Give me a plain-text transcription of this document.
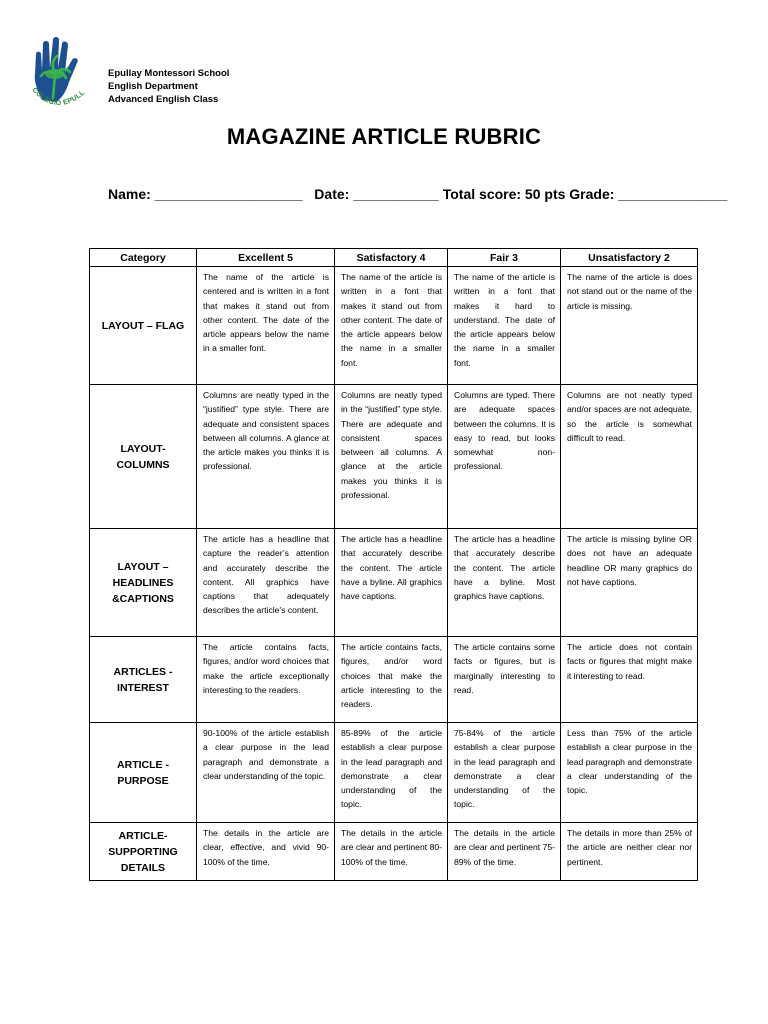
COLEGIO EPULL
Epullay Montessori School
English Department
Advanced English Class
MAGAZINE ARTICLE RUBRIC
Name: ___________________ Date: ___________ Total score: 50 pts Grade: ______________
Category	Excellent 5	Satisfactory 4	Fair 3	Unsatisfactory 2
LAYOUT – FLAG	The name of the article is centered and is written in a font that makes it stand out from other content. The date of the article appears below the name in a smaller font.	The name of the article is written in a font that makes it stand out from other content. The date of the article appears below the name in a smaller font.	The name of the article is written in a font that makes it hard to understand. The date of the article appears below the name in a smaller font.	The name of the article is does not stand out or the name of the article is missing.
LAYOUT- COLUMNS	Columns are neatly typed in the “justified” type style. There are adequate and consistent spaces between all columns. A glance at the article makes you thinks it is professional.	Columns are neatly typed in the “justified” type style. There are adequate and consistent spaces between all columns. A glance at the article makes you thinks it is professional.	Columns are typed. There are adequate spaces between the columns. It is easy to read, but looks somewhat non-professional.	Columns are not neatly typed and/or spaces are not adequate, so the article is somewhat difficult to read.
LAYOUT – HEADLINES &CAPTIONS	The article has a headline that capture the reader’s attention and accurately describe the content. All graphics have captions that adequately describes the article’s content.	The article has a headline that accurately describe the content. The article have a byline. All graphics have captions.	The article has a headline that accurately describe the content. The article have a byline. Most graphics have captions.	The article is missing byline OR does not have an adequate headline OR many graphics do not have captions.
ARTICLES - INTEREST	The article contains facts, figures, and/or word choices that make the article exceptionally interesting to the readers.	The article contains facts, figures, and/or word choices that make the article interesting to the readers.	The article contains some facts or figures, but is marginally interesting to read.	The article does not contain facts or figures that might make it interesting to read.
ARTICLE - PURPOSE	90-100% of the article establish a clear purpose in the lead paragraph and demonstrate a clear understanding of the topic.	85-89% of the article establish a clear purpose in the lead paragraph and demonstrate a clear understanding of the topic.	75-84% of the article establish a clear purpose in the lead paragraph and demonstrate a clear understanding of the topic.	Less than 75% of the article establish a clear purpose in the lead paragraph and demonstrate a clear understanding of the topic.
ARTICLE- SUPPORTING DETAILS	The details in the article are clear, effective, and vivid 90-100% of the time.	The details in the article are clear and pertinent 80-100% of the time.	The details in the article are clear and pertinent 75-89% of the time.	The details in more than 25% of the article are neither clear nor pertinent.
